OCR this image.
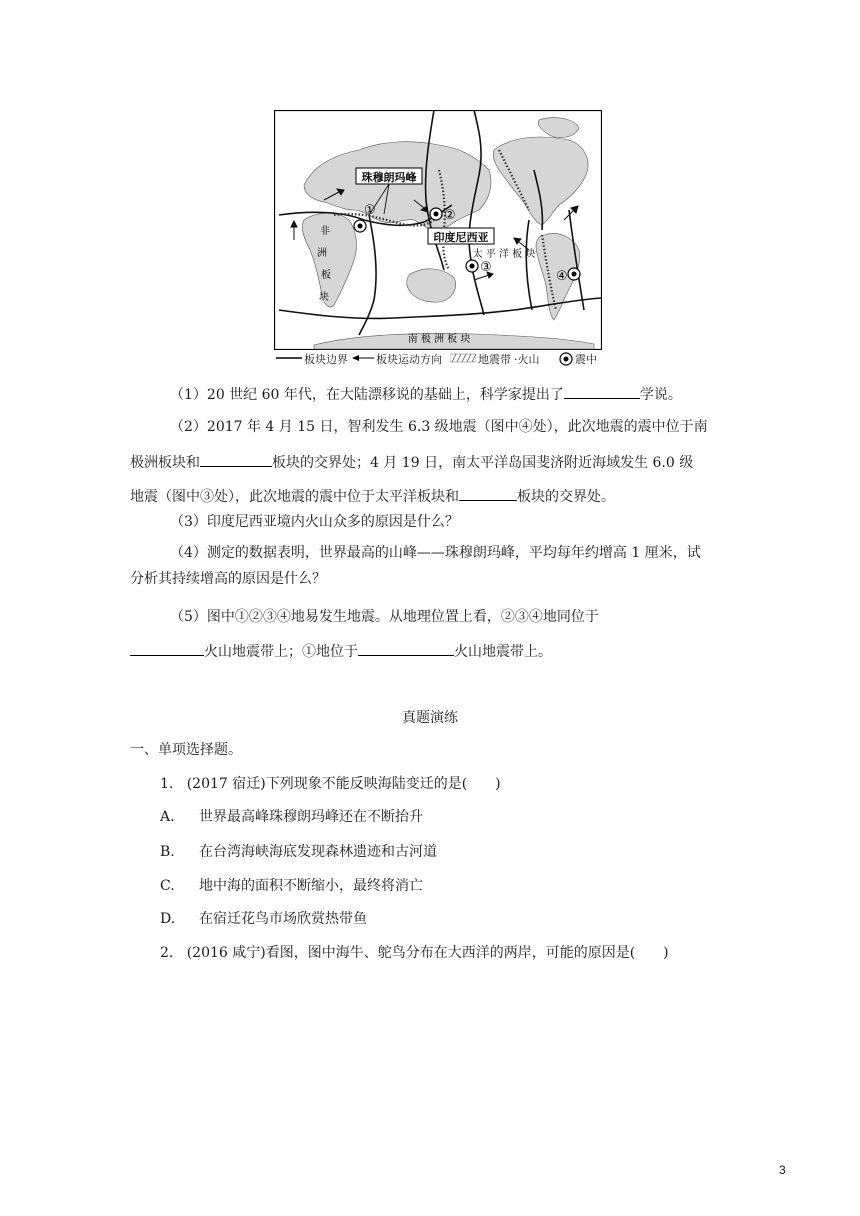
珠穆朗玛峰
印度尼西亚
太 平 洋 板 块
非
洲
板
块
南 极 洲 板 块
①	②
③
④
板块边界	板块运动方向	地震带 ·火山	震中
（1）20 世纪 60 年代，在大陆漂移说的基础上，科学家提出了	学说。
（2）2017 年 4 月 15 日，智利发生 6.3 级地震（图中④处），此次地震的震中位于南
极洲板块和	板块的交界处；4 月 19 日，南太平洋岛国斐济附近海域发生 6.0 级
地震（图中③处），此次地震的震中位于太平洋板块和	板块的交界处。
（3）印度尼西亚境内火山众多的原因是什么？
（4）测定的数据表明，世界最高的山峰——珠穆朗玛峰，平均每年约增高 1 厘米，试
分析其持续增高的原因是什么？
（5）图中①②③④地易发生地震。从地理位置上看，②③④地同位于
火山地震带上；①地位于	火山地震带上。
真题演练
一、单项选择题。
1. (2017 宿迁)下列现象不能反映海陆变迁的是(　　)
A. 世界最高峰珠穆朗玛峰还在不断抬升
B. 在台湾海峡海底发现森林遗迹和古河道
C. 地中海的面积不断缩小，最终将消亡
D. 在宿迁花鸟市场欣赏热带鱼
2. (2016 咸宁)看图，图中海牛、鸵鸟分布在大西洋的两岸，可能的原因是(　　)
3
